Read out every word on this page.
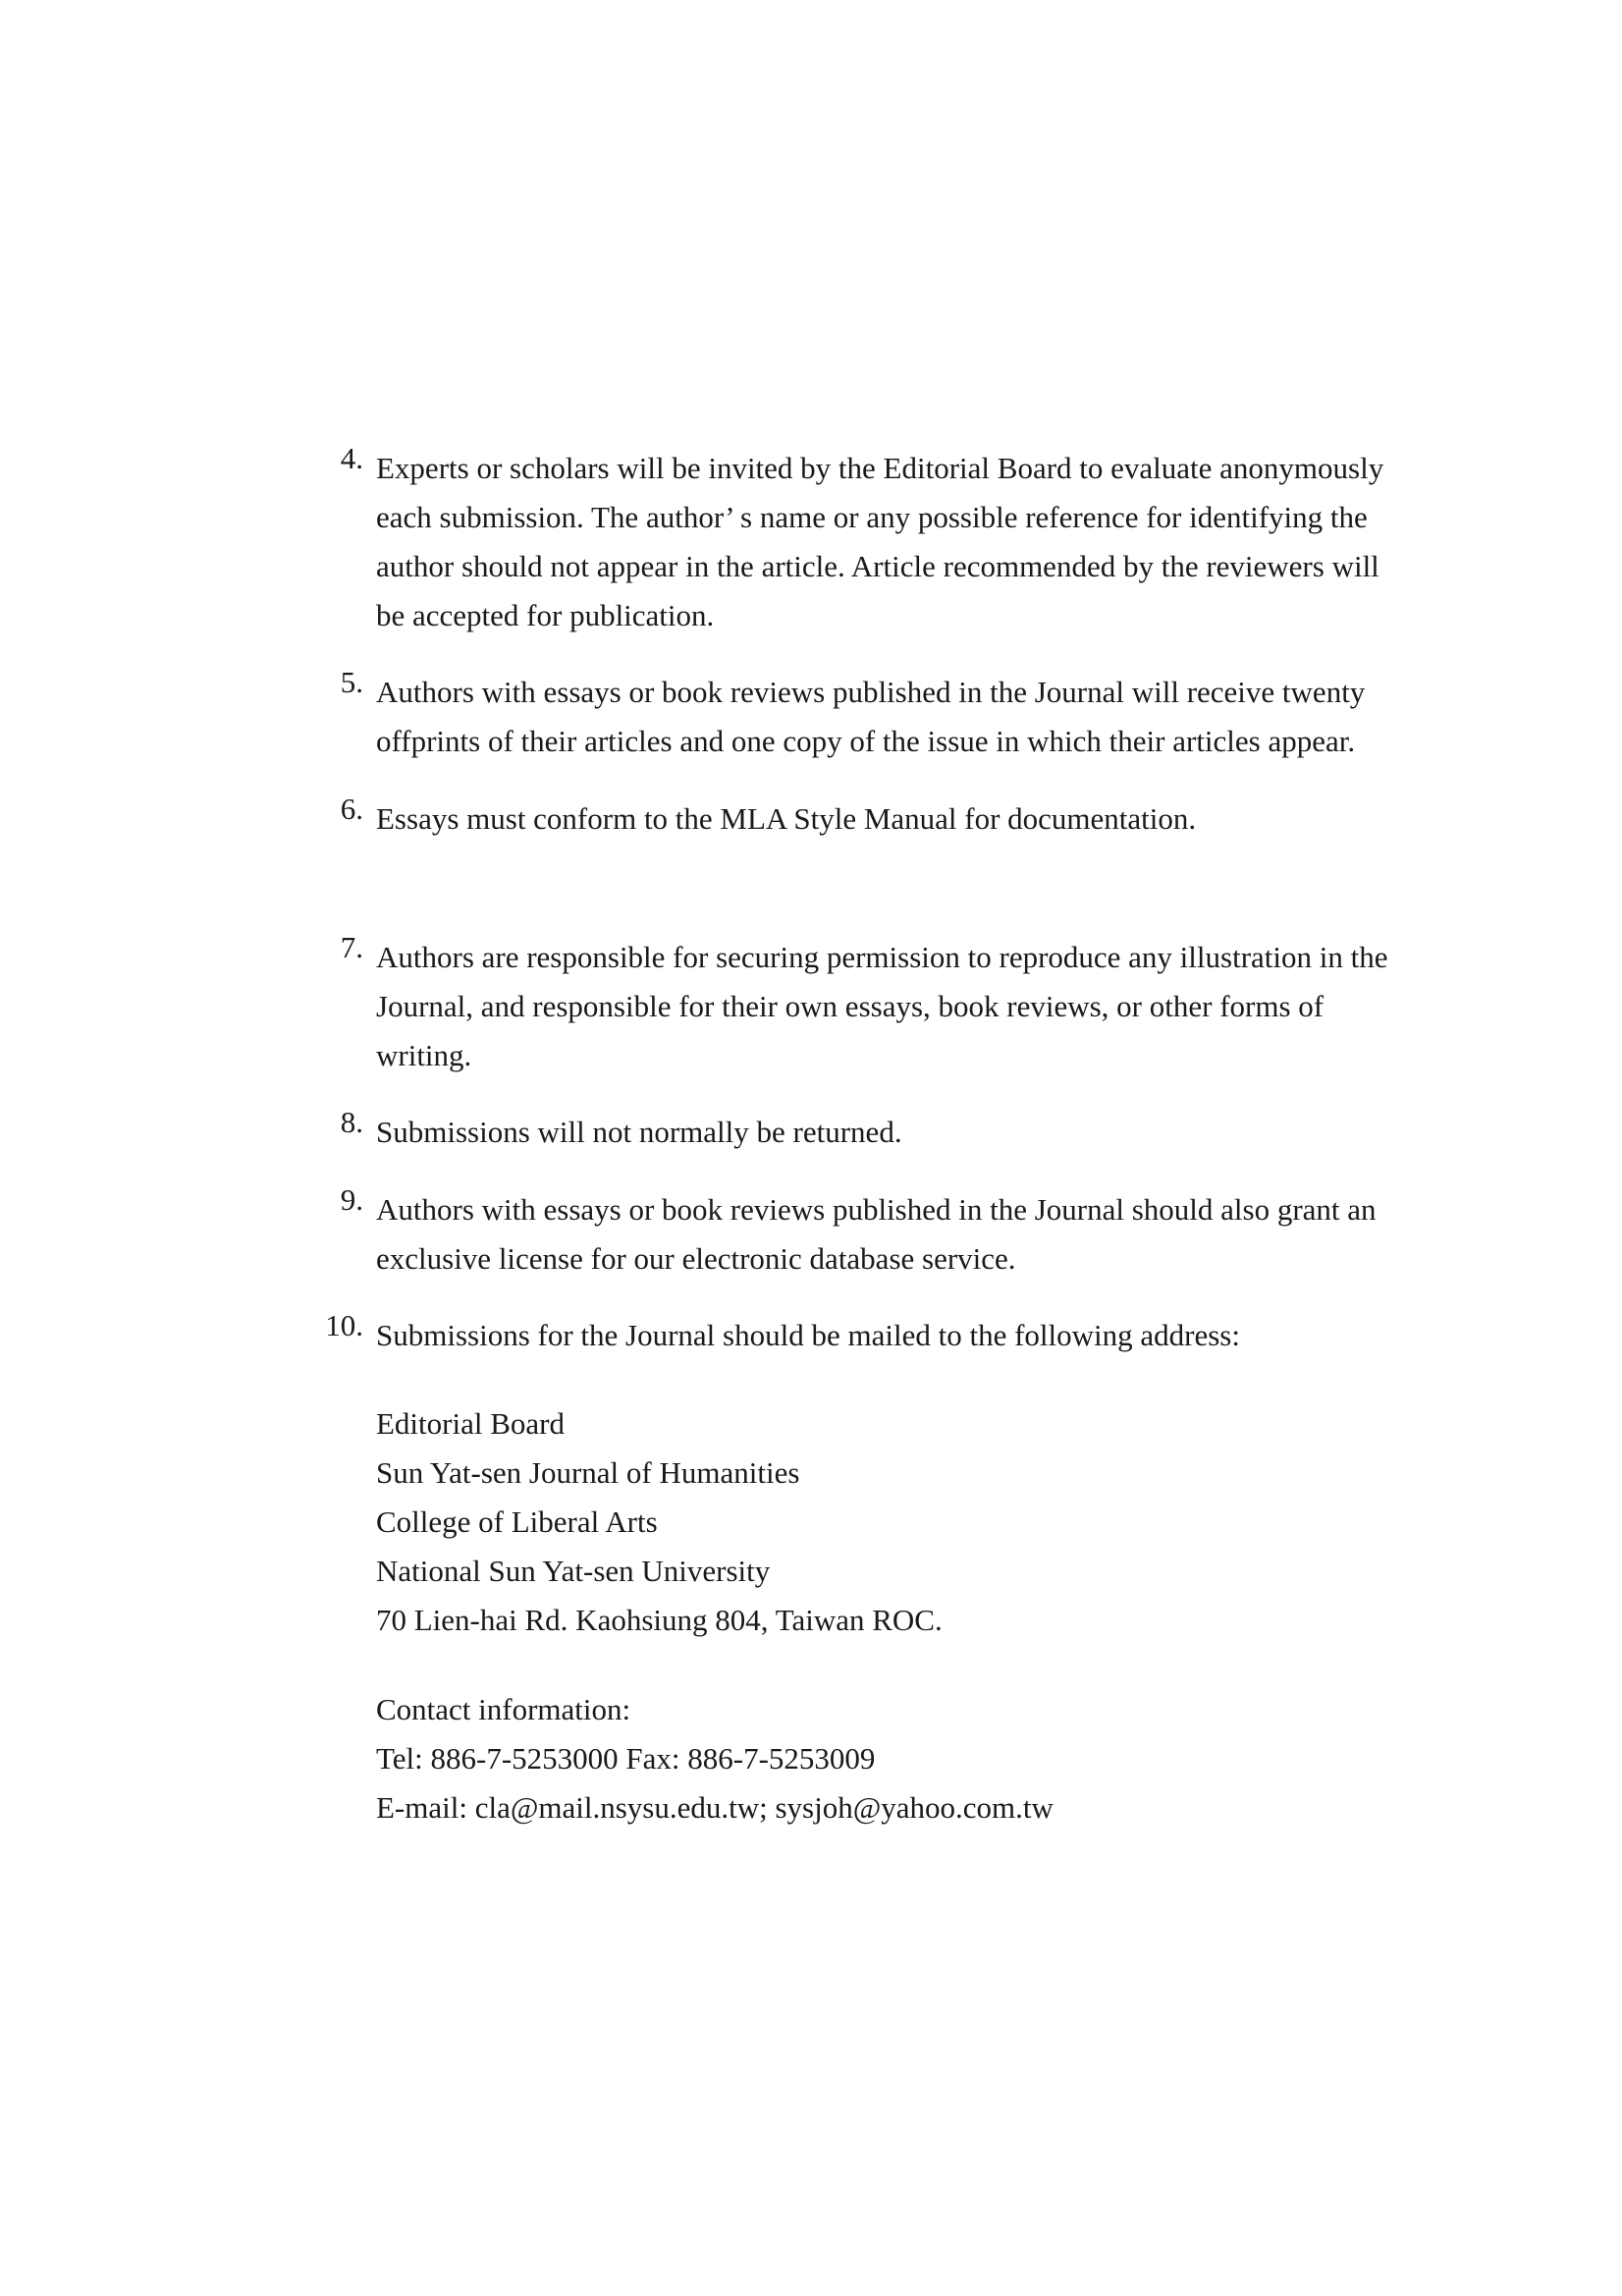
4. Experts or scholars will be invited by the Editorial Board to evaluate anonymously
each submission. The author’ s name or any possible reference for identifying the
author should not appear in the article. Article recommended by the reviewers will
be accepted for publication.
5. Authors with essays or book reviews published in the Journal will receive twenty
offprints of their articles and one copy of the issue in which their articles appear.
6. Essays must conform to the MLA Style Manual for documentation.
7. Authors are responsible for securing permission to reproduce any illustration in the
Journal, and responsible for their own essays, book reviews, or other forms of
writing.
8. Submissions will not normally be returned.
9. Authors with essays or book reviews published in the Journal should also grant an
exclusive license for our electronic database service.
10. Submissions for the Journal should be mailed to the following address:
Editorial Board
Sun Yat-sen Journal of Humanities
College of Liberal Arts
National Sun Yat-sen University
70 Lien-hai Rd. Kaohsiung 804, Taiwan ROC.
Contact information:
Tel: 886-7-5253000 Fax: 886-7-5253009
E-mail: cla@mail.nsysu.edu.tw; sysjoh@yahoo.com.tw
